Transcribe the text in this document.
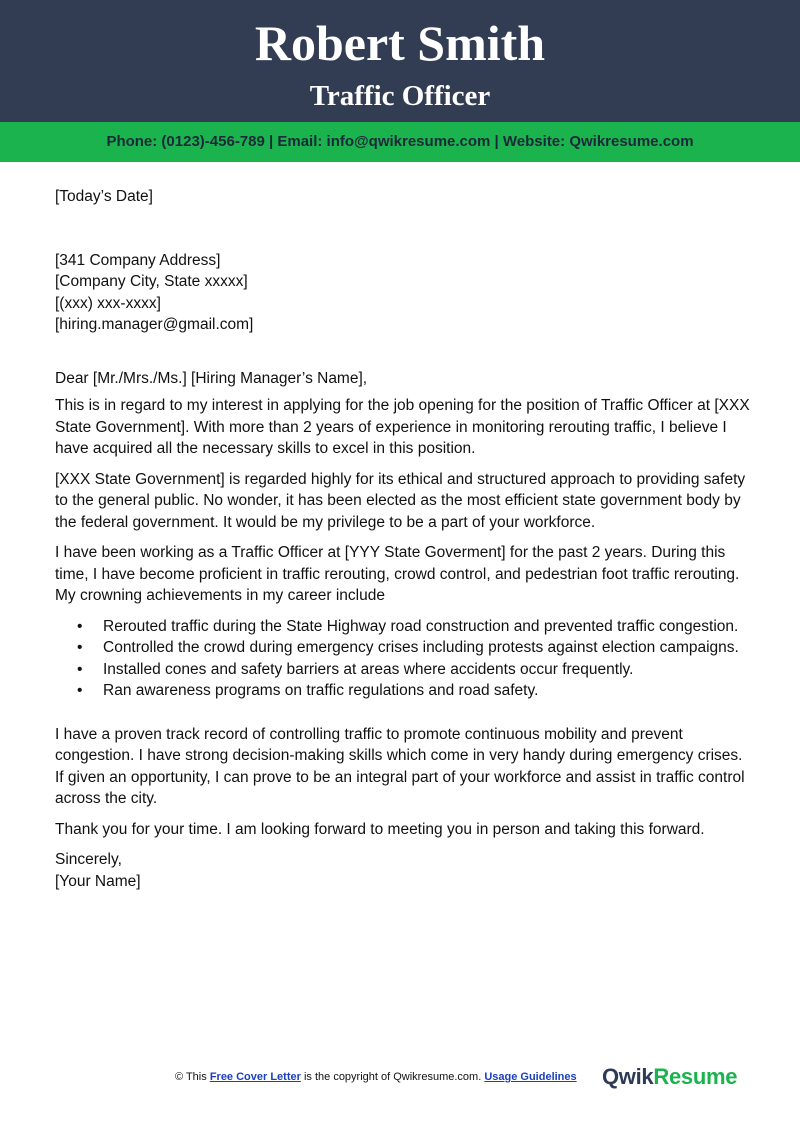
Robert Smith
Traffic Officer
Phone: (0123)-456-789 | Email: info@qwikresume.com | Website: Qwikresume.com

[Today’s Date]

[341 Company Address]
[Company City, State xxxxx]
[(xxx) xxx-xxxx]
[hiring.manager@gmail.com]

Dear [Mr./Mrs./Ms.] [Hiring Manager’s Name],

This is in regard to my interest in applying for the job opening for the position of Traffic Officer at [XXX State Government]. With more than 2 years of experience in monitoring rerouting traffic, I believe I have acquired all the necessary skills to excel in this position.

[XXX State Government] is regarded highly for its ethical and structured approach to providing safety to the general public. No wonder, it has been elected as the most efficient state government body by the federal government. It would be my privilege to be a part of your workforce.

I have been working as a Traffic Officer at [YYY State Goverment] for the past 2 years. During this time, I have become proficient in traffic rerouting, crowd control, and pedestrian foot traffic rerouting. My crowning achievements in my career include

• Rerouted traffic during the State Highway road construction and prevented traffic congestion.
• Controlled the crowd during emergency crises including protests against election campaigns.
• Installed cones and safety barriers at areas where accidents occur frequently.
• Ran awareness programs on traffic regulations and road safety.

I have a proven track record of controlling traffic to promote continuous mobility and prevent congestion. I have strong decision-making skills which come in very handy during emergency crises. If given an opportunity, I can prove to be an integral part of your workforce and assist in traffic control across the city.

Thank you for your time. I am looking forward to meeting you in person and taking this forward.

Sincerely,

[Your Name]

© This Free Cover Letter is the copyright of Qwikresume.com. Usage Guidelines QwikResume
